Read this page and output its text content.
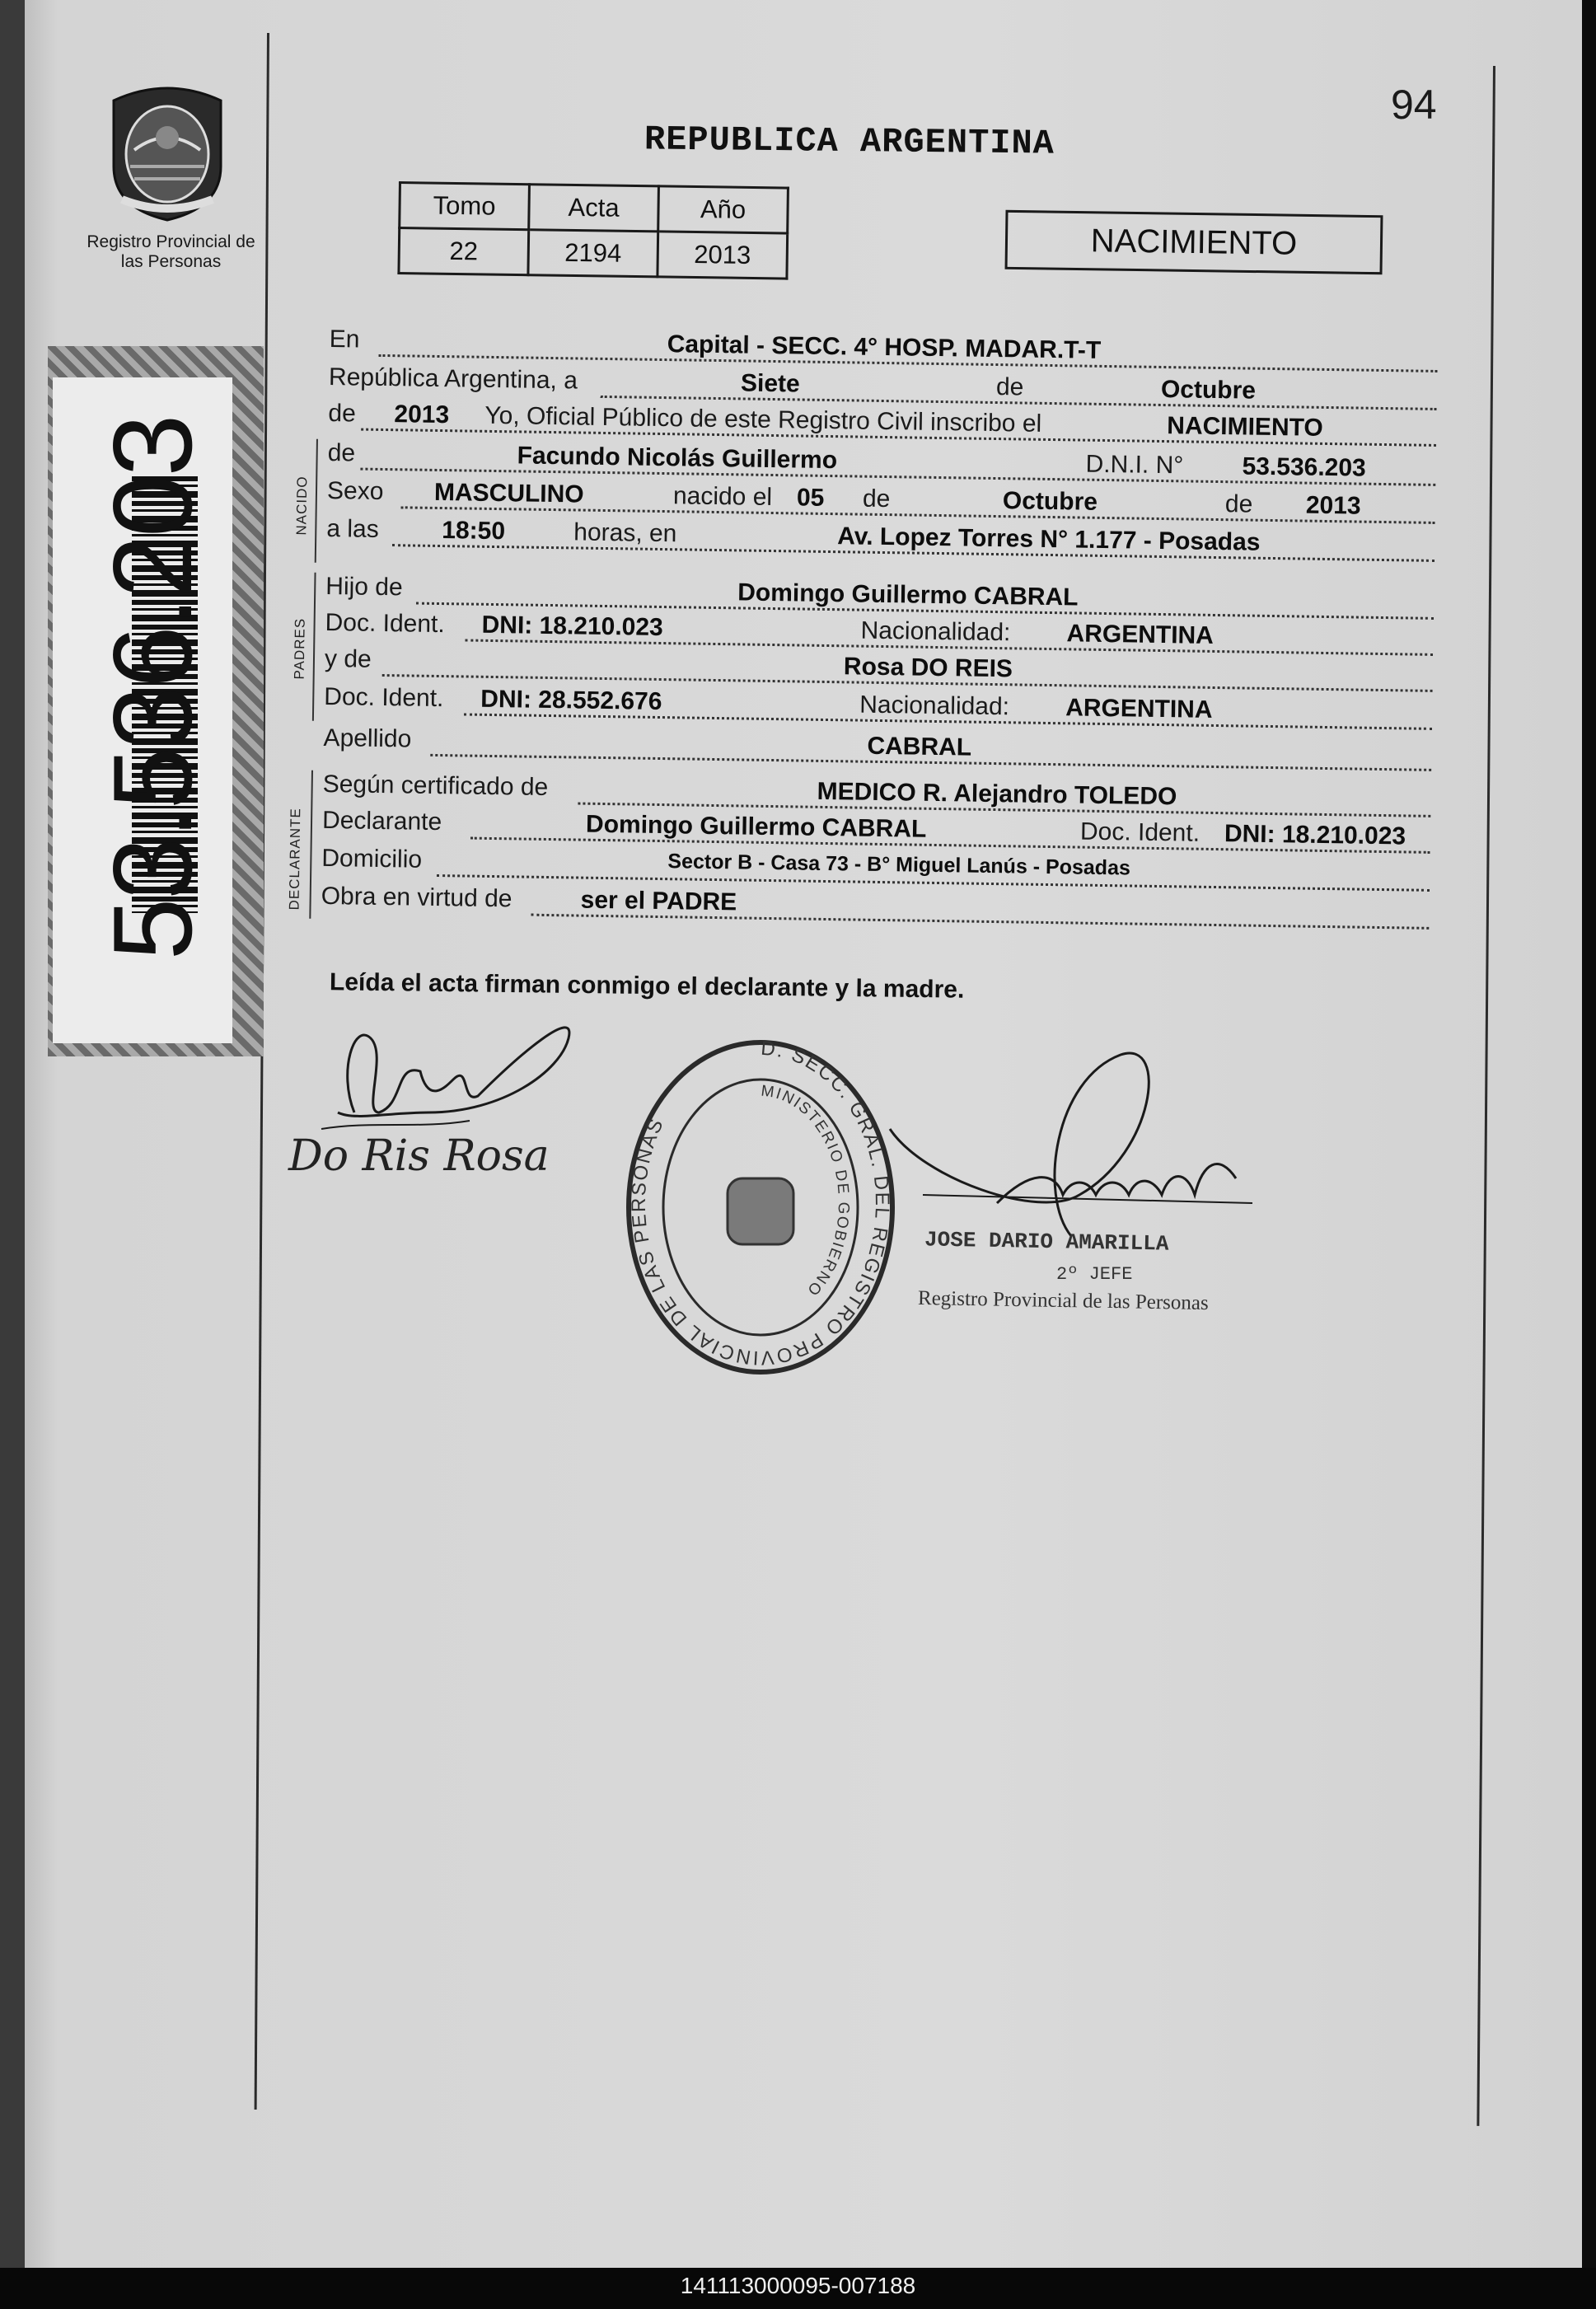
Registro Provincial de las Personas
53.536.203
94
REPUBLICA ARGENTINA
Tomo	Acta	Año
22	2194	2013	NACIMIENTO
En	Capital - SECC. 4° HOSP. MADAR.T-T
República Argentina, a	Siete	de	Octubre
de 2013 Yo, Oficial Público de este Registro Civil inscribo el	NACIMIENTO
NACIDO
de	Facundo Nicolás Guillermo	D.N.I. N° 53.536.203
Sexo MASCULINO	nacido el 05 de	Octubre	de 2013
a las	18:50	horas, en	Av. Lopez Torres N° 1.177 - Posadas
PADRES
Hijo de	Domingo Guillermo CABRAL
Doc. Ident. DNI: 18.210.023	Nacionalidad: ARGENTINA
y de	Rosa DO REIS
Doc. Ident. DNI: 28.552.676	Nacionalidad: ARGENTINA
Apellido	CABRAL
DECLARANTE
Según certificado de	MEDICO R. Alejandro TOLEDO
Declarante	Domingo Guillermo CABRAL	Doc. Ident. DNI: 18.210.023
Domicilio	Sector B - Casa 73 - B° Miguel Lanús - Posadas
Obra en virtud de	ser el PADRE
Leída el acta firman conmigo el declarante y la madre.
Do Ris Rosa
D. SECC. GRAL. DEL REGISTRO PROVINCIAL DE LAS PERSONAS
MINISTERIO DE GOBIERNO
JOSE DARIO AMARILLA
2º JEFE
Registro Provincial de las Personas
141113000095-007188
